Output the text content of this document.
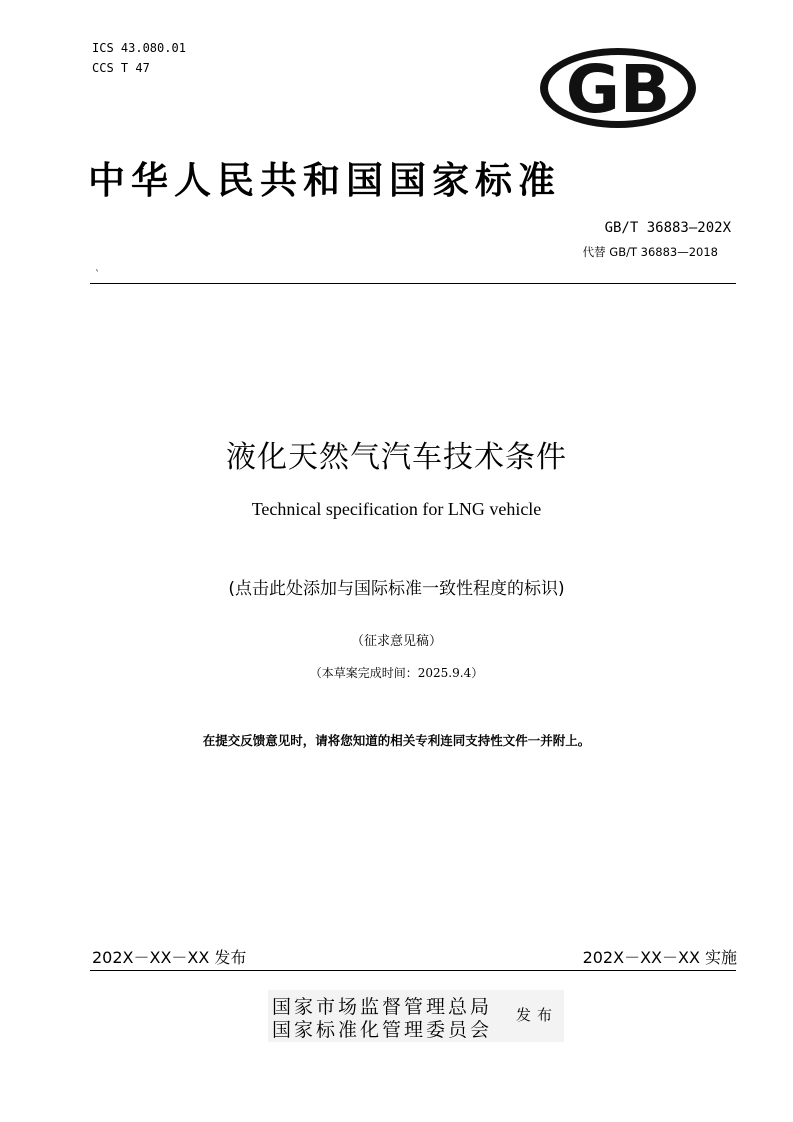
ICS 43.080.01
CCS T 47	GB
中华人民共和国国家标准
GB/T 36883—202X
代替 GB/T 36883—2018
`
液化天然气汽车技术条件
Technical specification for LNG vehicle
(点击此处添加与国际标准一致性程度的标识)
（征求意见稿）
（本草案完成时间：2025.9.4）
在提交反馈意见时，请将您知道的相关专利连同支持性文件一并附上。
202X－XX－XX 发布	202X－XX－XX 实施
国家市场监督管理总局
国家标准化管理委员会
发布
